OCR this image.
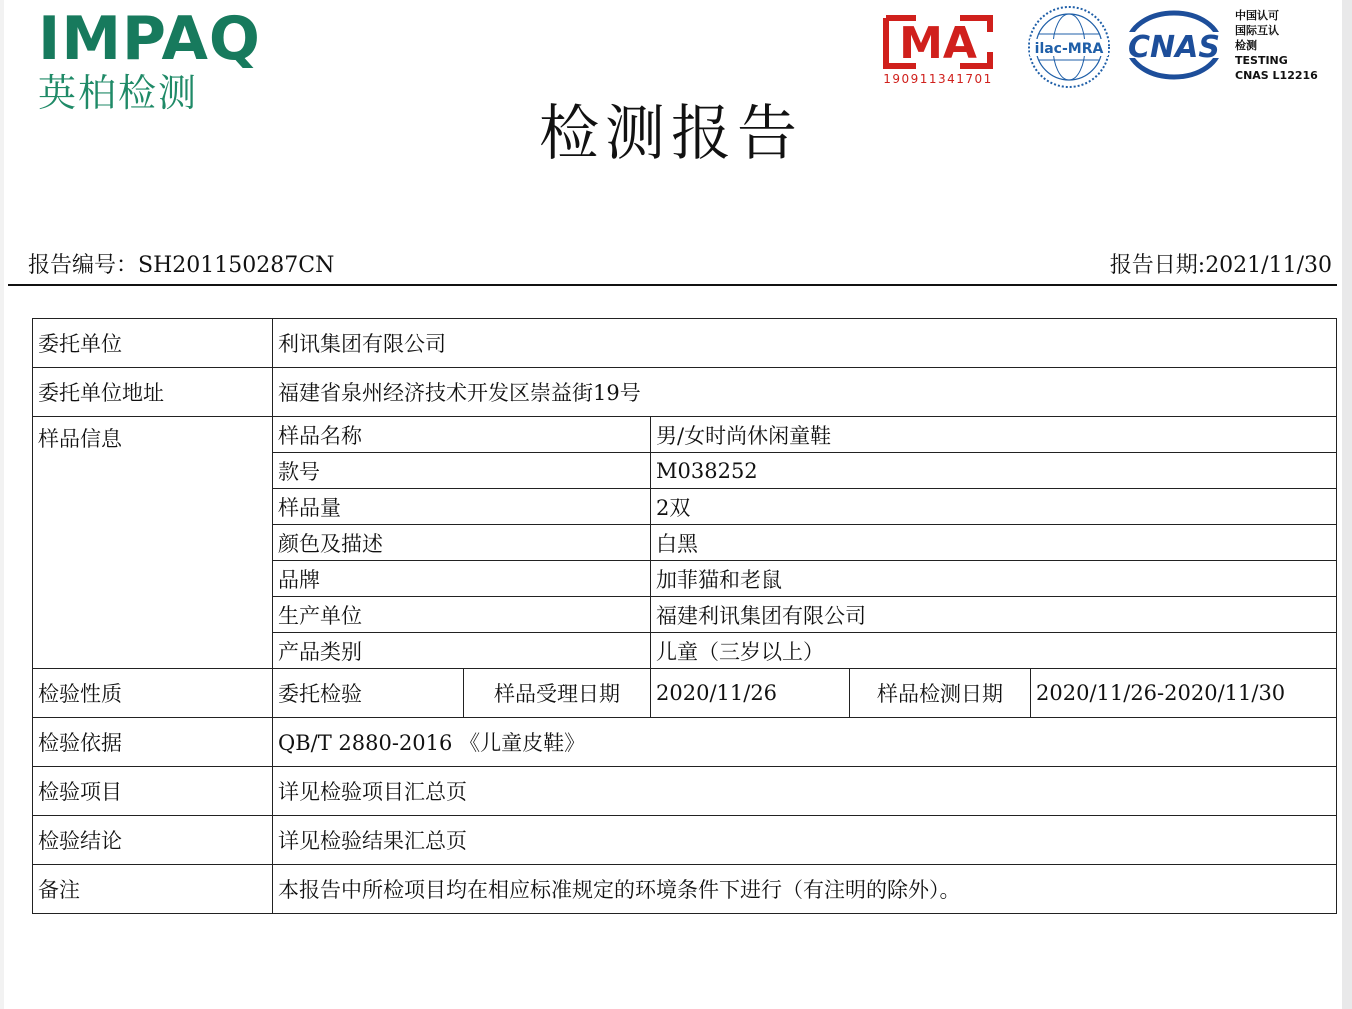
IMPAQ
英柏检测
MA
190911341701
ilac-MRA CNAS
中国认可
国际互认
检测
TESTING
CNAS L12216
检测报告
报告编号：SH201150287CN	报告日期:2021/11/30
委托单位	利讯集团有限公司				
委托单位地址	福建省泉州经济技术开发区崇益街19号				
样品信息	样品名称		男/女时尚休闲童鞋		
	款号		M038252		
	样品量		2双		
	颜色及描述		白黑		
	品牌		加菲猫和老鼠		
	生产单位		福建利讯集团有限公司		
	产品类别		儿童（三岁以上）		
检验性质	委托检验	样品受理日期	2020/11/26	样品检测日期	2020/11/26-2020/11/30
检验依据	QB/T 2880-2016 《儿童皮鞋》				
检验项目	详见检验项目汇总页				
检验结论	详见检验结果汇总页				
备注	本报告中所检项目均在相应标准规定的环境条件下进行（有注明的除外）。				
